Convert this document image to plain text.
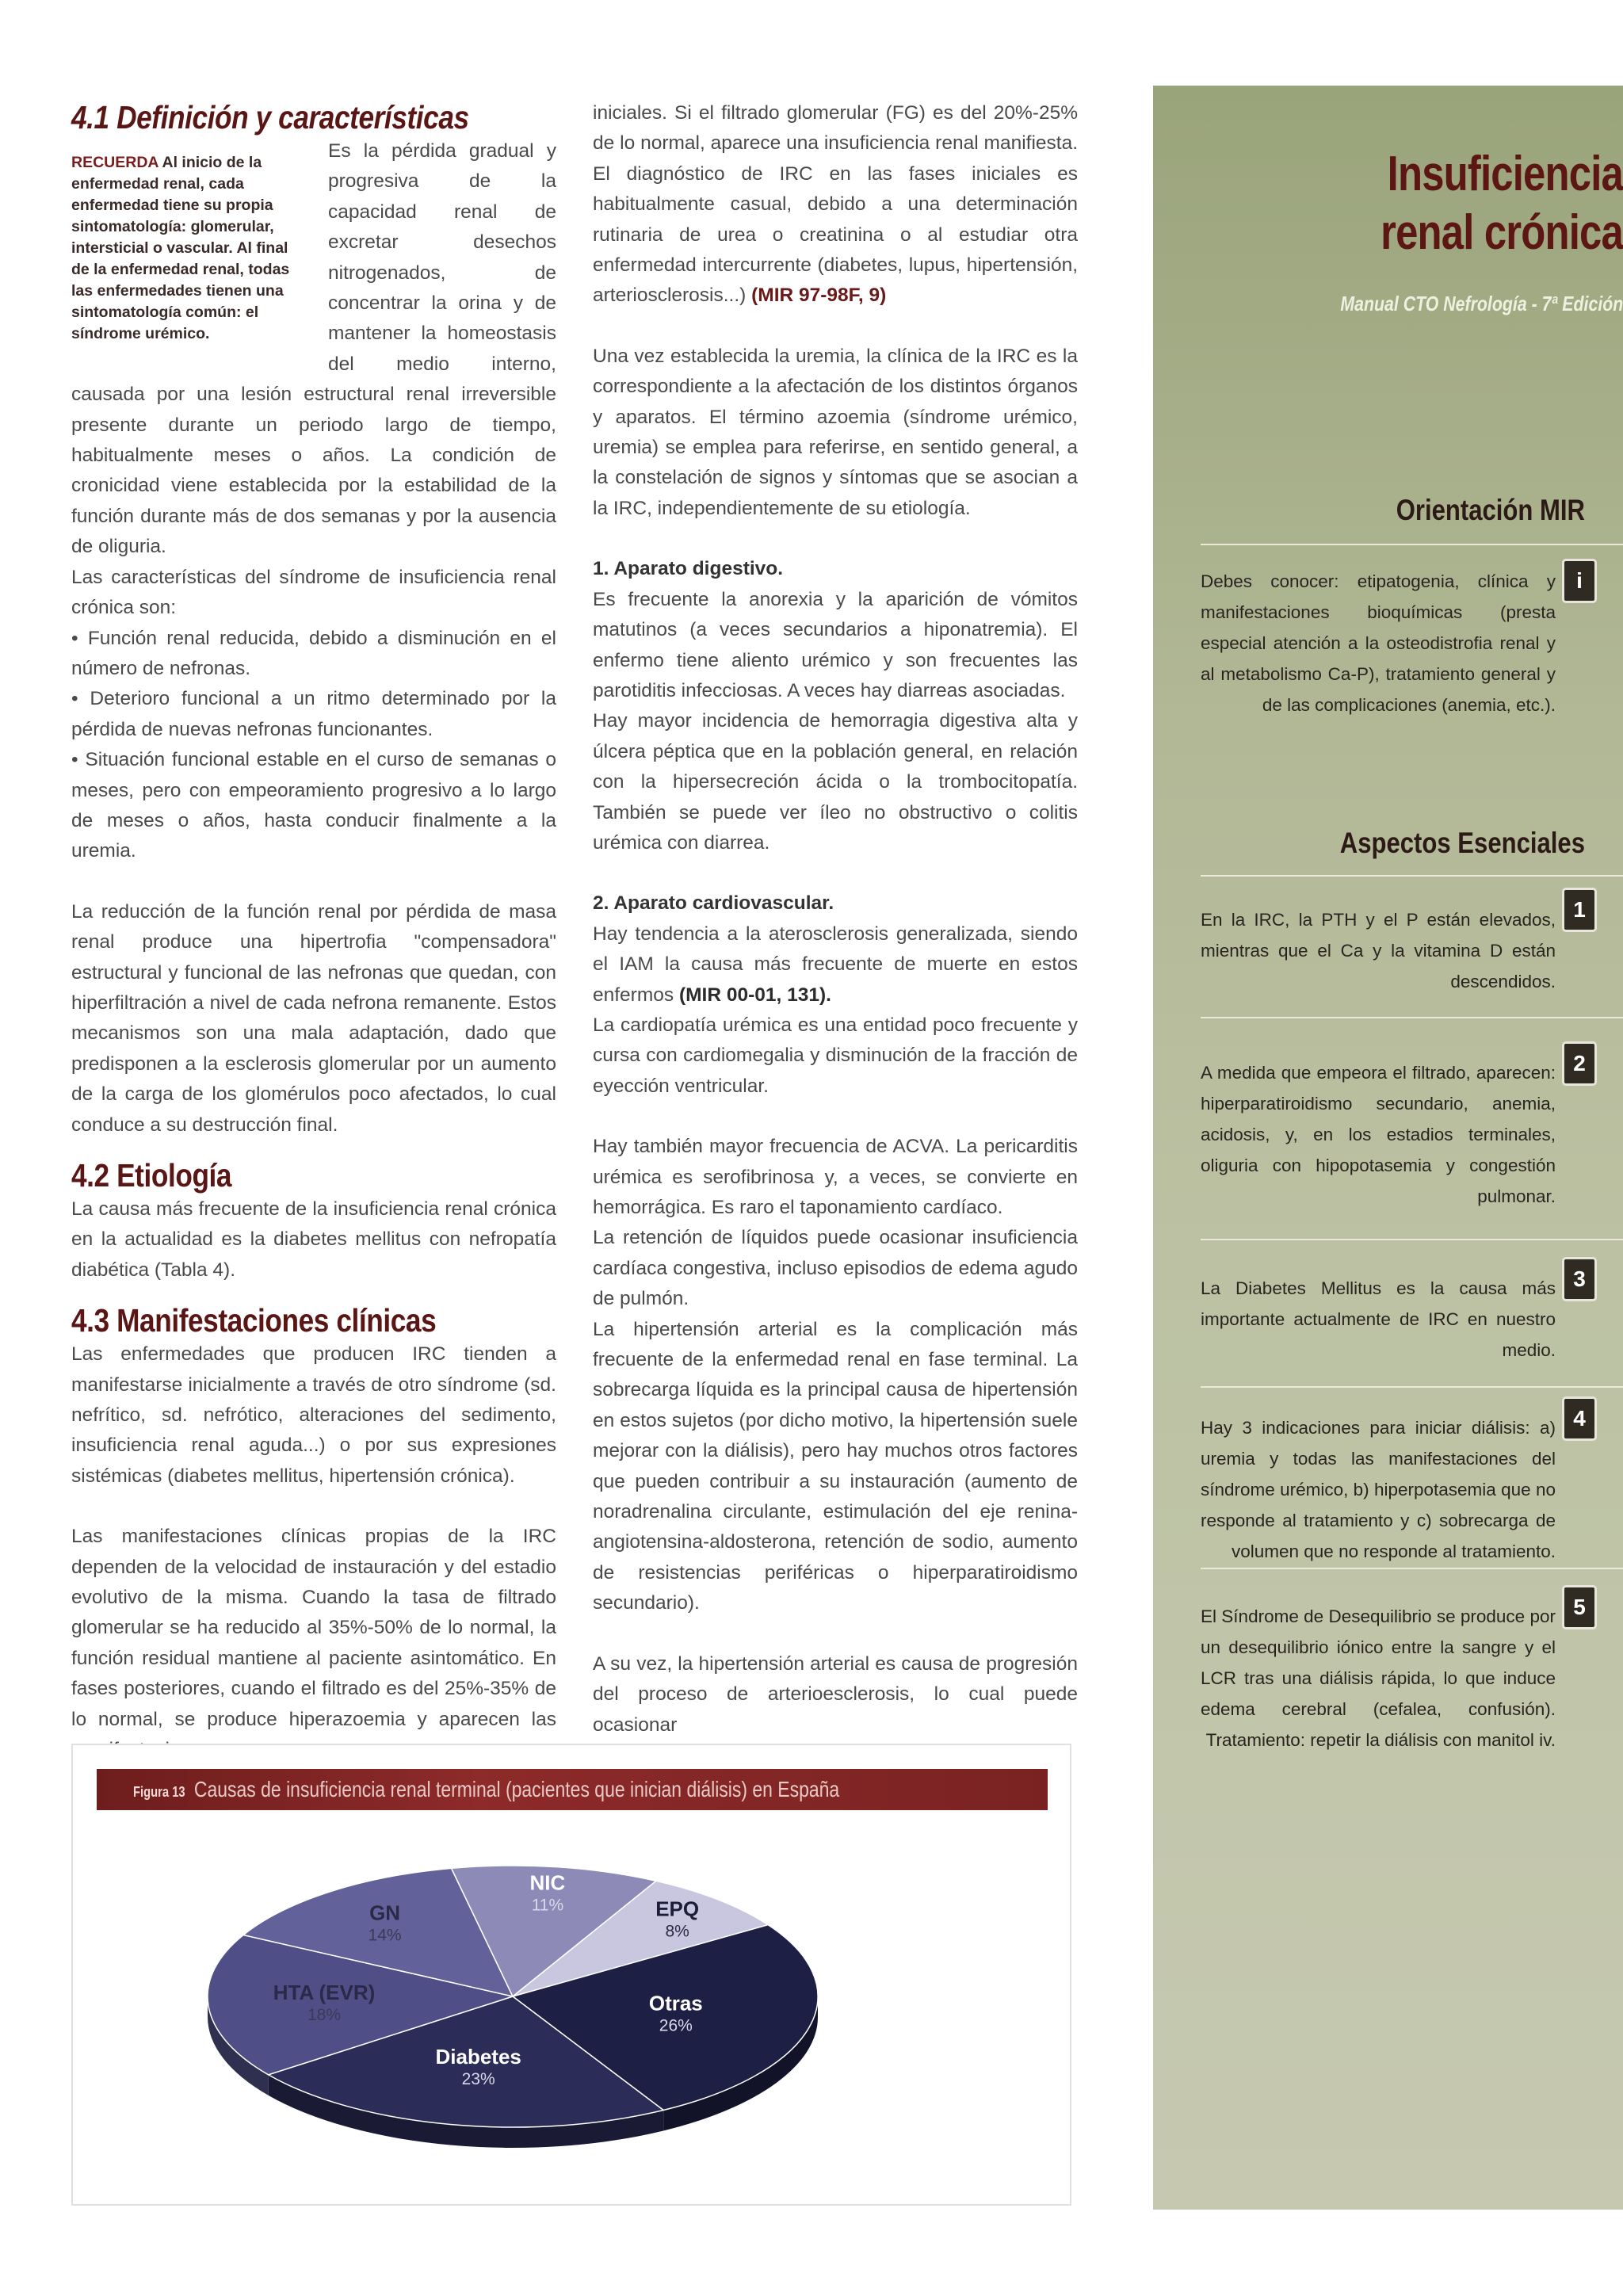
4.1 Definición y características

RECUERDA Al inicio de la enfermedad renal, cada enfermedad tiene su propia sintomatología: glomerular, intersticial o vascular. Al final de la enfermedad renal, todas las enfermedades tienen una sintomatología común: el síndrome urémico.

Es la pérdida gradual y progresiva de la capacidad renal de excretar desechos nitrogenados, de concentrar la orina y de mantener la homeostasis del medio interno, causada por una lesión estructural renal irreversible presente durante un periodo largo de tiempo, habitualmente meses o años. La condición de cronicidad viene establecida por la estabilidad de la función durante más de dos semanas y por la ausencia de oliguria.

Las características del síndrome de insuficiencia renal crónica son:

• Función renal reducida, debido a disminución en el número de nefronas.

• Deterioro funcional a un ritmo determinado por la pérdida de nuevas nefronas funcionantes.

• Situación funcional estable en el curso de semanas o meses, pero con empeoramiento progresivo a lo largo de meses o años, hasta conducir finalmente a la uremia.

La reducción de la función renal por pérdida de masa renal produce una hipertrofia "compensadora" estructural y funcional de las nefronas que quedan, con hiperfiltración a nivel de cada nefrona remanente. Estos mecanismos son una mala adaptación, dado que predisponen a la esclerosis glomerular por un aumento de la carga de los glomérulos poco afectados, lo cual conduce a su destrucción final.

4.2 Etiología

La causa más frecuente de la insuficiencia renal crónica en la actualidad es la diabetes mellitus con nefropatía diabética (Tabla 4).

4.3 Manifestaciones clínicas

Las enfermedades que producen IRC tienden a manifestarse inicialmente a través de otro síndrome (sd. nefrítico, sd. nefrótico, alteraciones del sedimento, insuficiencia renal aguda...) o por sus expresiones sistémicas (diabetes mellitus, hipertensión crónica).

Las manifestaciones clínicas propias de la IRC dependen de la velocidad de instauración y del estadio evolutivo de la misma. Cuando la tasa de filtrado glomerular se ha reducido al 35%-50% de lo normal, la función residual mantiene al paciente asintomático. En fases posteriores, cuando el filtrado es del 25%-35% de lo normal, se produce hiperazoemia y aparecen las

iniciales. Si el filtrado glomerular (FG) es del 20%-25% de lo normal, aparece una insuficiencia renal manifiesta. El diagnóstico de IRC en las fases iniciales es habitualmente casual, debido a una determinación rutinaria de urea o creatinina o al estudiar otra enfermedad intercurrente (diabetes, lupus, hipertensión, arteriosclerosis...) (MIR 97-98F, 9)

Una vez establecida la uremia, la clínica de la IRC es la correspondiente a la afectación de los distintos órganos y aparatos. El término azoemia (síndrome urémico, uremia) se emplea para referirse, en sentido general, a la constelación de signos y síntomas que se asocian a la IRC, independientemente de su etiología.

1. Aparato digestivo.

Es frecuente la anorexia y la aparición de vómitos matutinos (a veces secundarios a hiponatremia). El enfermo tiene aliento urémico y son frecuentes las parotiditis infecciosas. A veces hay diarreas asociadas.

Hay mayor incidencia de hemorragia digestiva alta y úlcera péptica que en la población general, en relación con la hipersecreción ácida o la trombocitopatía. También se puede ver íleo no obstructivo o colitis urémica con diarrea.

2. Aparato cardiovascular.

Hay tendencia a la aterosclerosis generalizada, siendo el IAM la causa más frecuente de muerte en estos enfermos (MIR 00-01, 131).

La cardiopatía urémica es una entidad poco frecuente y cursa con cardiomegalia y disminución de la fracción de eyección ventricular.

Hay también mayor frecuencia de ACVA. La pericarditis urémica es serofibrinosa y, a veces, se convierte en hemorrágica. Es raro el taponamiento cardíaco.

La retención de líquidos puede ocasionar insuficiencia cardíaca congestiva, incluso episodios de edema agudo de pulmón.

La hipertensión arterial es la complicación más frecuente de la enfermedad renal en fase terminal. La sobrecarga líquida es la principal causa de hipertensión en estos sujetos (por dicho motivo, la hipertensión suele mejorar con la diálisis), pero hay muchos otros factores que pueden contribuir a su instauración (aumento de noradrenalina circulante, estimulación del eje renina-angiotensina-aldosterona, retención de sodio, aumento de resistencias periféricas o hiperparatiroidismo secundario).

A su vez, la hipertensión arterial es causa de progresión del proceso de arterioesclerosis, lo cual puede ocasionar

Insuficiencia
renal crónica
Manual CTO Nefrología - 7ª Edición
Orientación MIR
Debes conocer: etipatogenia, clínica y manifestaciones bioquímicas (presta especial atención a la osteodistrofia renal y al metabolismo Ca-P), tratamiento general y de las complicaciones (anemia, etc.).
i
Aspectos Esenciales
En la IRC, la PTH y el P están elevados, mientras que el Ca y la vitamina D están descendidos.
1
A medida que empeora el filtrado, aparecen: hiperparatiroidismo secundario, anemia, acidosis, y, en los estadios terminales, oliguria con hipopotasemia y congestión pulmonar.
2
La Diabetes Mellitus es la causa más importante actualmente de IRC en nuestro medio.
3
Hay 3 indicaciones para iniciar diálisis: a) uremia y todas las manifestaciones del síndrome urémico, b) hiperpotasemia que no responde al tratamiento y c) sobrecarga de volumen que no responde al tratamiento.
4
El Síndrome de Desequilibrio se produce por un desequilibrio iónico entre la sangre y el LCR tras una diálisis rápida, lo que induce edema cerebral (cefalea, confusión). Tratamiento: repetir la diálisis con manitol iv.
5
Figura 13 Causas de insuficiencia renal terminal (pacientes que inician diálisis) en España
EPQ
8%
Otras
26%
Diabetes
23%
HTA (EVR)
18%
GN
14%
NIC
11%
